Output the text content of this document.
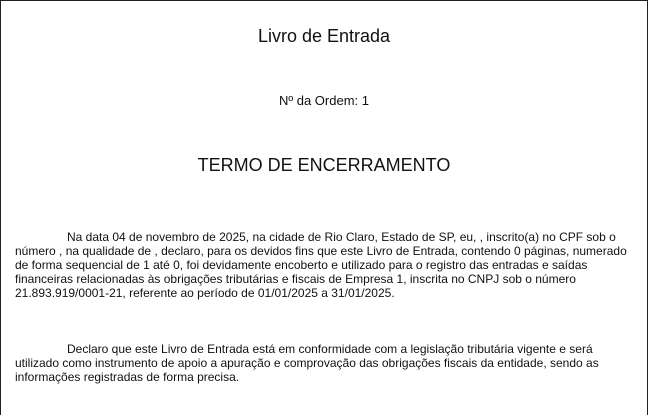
Livro de Entrada
Nº da Ordem: 1
TERMO DE ENCERRAMENTO

Na data 04 de novembro de 2025, na cidade de Rio Claro, Estado de SP, eu, , inscrito(a) no CPF sob o número , na qualidade de , declaro, para os devidos fins que este Livro de Entrada, contendo 0 páginas, numerado de forma sequencial de 1 até 0, foi devidamente encoberto e utilizado para o registro das entradas e saídas financeiras relacionadas às obrigações tributárias e fiscais de Empresa 1, inscrita no CNPJ sob o número 21.893.919/0001-21, referente ao período de 01/01/2025 a 31/01/2025.

Declaro que este Livro de Entrada está em conformidade com a legislação tributária vigente e será utilizado como instrumento de apoio a apuração e comprovação das obrigações fiscais da entidade, sendo as informações registradas de forma precisa.
